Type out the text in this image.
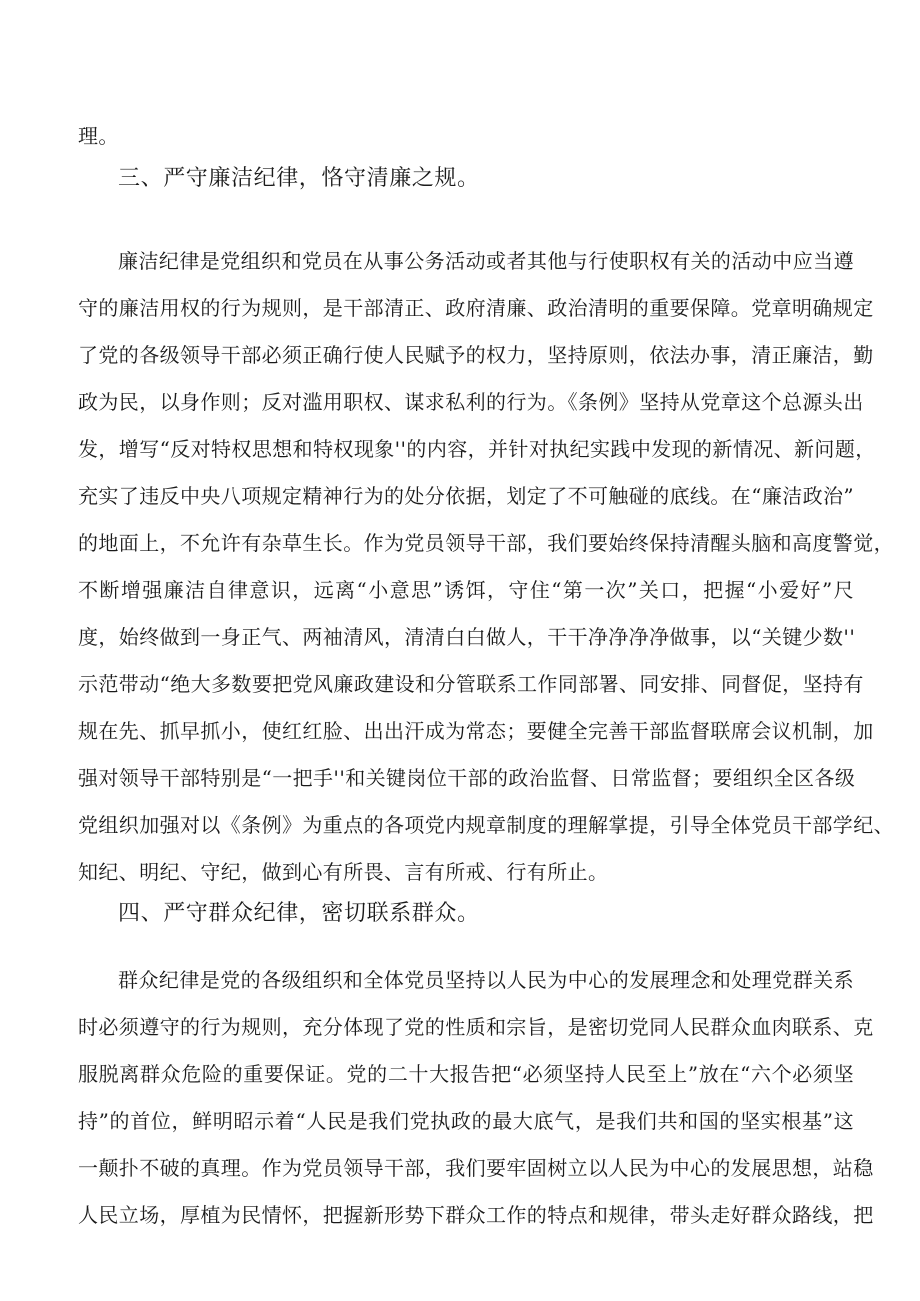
理。
三、严守廉洁纪律，恪守清廉之规。
廉洁纪律是党组织和党员在从事公务活动或者其他与行使职权有关的活动中应当遵
守的廉洁用权的行为规则，是干部清正、政府清廉、政治清明的重要保障。党章明确规定
了党的各级领导干部必须正确行使人民赋予的权力，坚持原则，依法办事，清正廉洁，勤
政为民，以身作则；反对滥用职权、谋求私利的行为。《条例》坚持从党章这个总源头出
发，增写“反对特权思想和特权现象''的内容，并针对执纪实践中发现的新情况、新问题，
充实了违反中央八项规定精神行为的处分依据，划定了不可触碰的底线。在“廉洁政治”
的地面上，不允许有杂草生长。作为党员领导干部，我们要始终保持清醒头脑和高度警觉，
不断增强廉洁自律意识，远离“小意思”诱饵，守住“第一次”关口，把握“小爱好”尺
度，始终做到一身正气、两袖清风，清清白白做人，干干净净净净做事，以“关键少数''
示范带动“绝大多数要把党风廉政建设和分管联系工作同部署、同安排、同督促，坚持有
规在先、抓早抓小，使红红脸、出出汗成为常态；要健全完善干部监督联席会议机制，加
强对领导干部特别是“一把手''和关键岗位干部的政治监督、日常监督；要组织全区各级
党组织加强对以《条例》为重点的各项党内规章制度的理解掌提，引导全体党员干部学纪、
知纪、明纪、守纪，做到心有所畏、言有所戒、行有所止。
四、严守群众纪律，密切联系群众。
群众纪律是党的各级组织和全体党员坚持以人民为中心的发展理念和处理党群关系
时必须遵守的行为规则，充分体现了党的性质和宗旨，是密切党同人民群众血肉联系、克
服脱离群众危险的重要保证。党的二十大报告把“必须坚持人民至上”放在“六个必须坚
持”的首位，鲜明昭示着“人民是我们党执政的最大底气，是我们共和国的坚实根基”这
一颠扑不破的真理。作为党员领导干部，我们要牢固树立以人民为中心的发展思想，站稳
人民立场，厚植为民情怀，把握新形势下群众工作的特点和规律，带头走好群众路线，把
